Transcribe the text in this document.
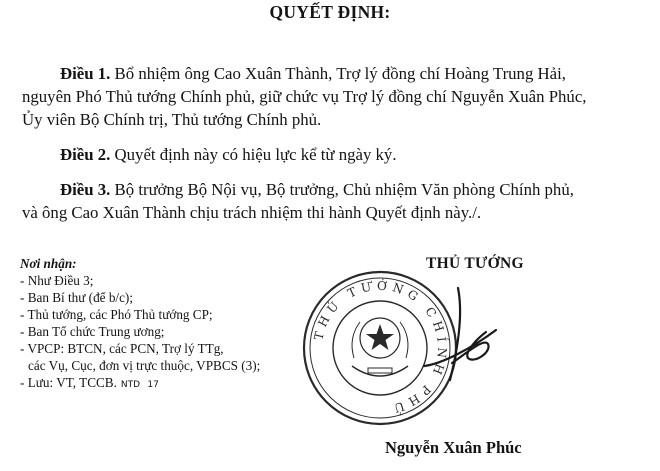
QUYẾT ĐỊNH:
Điều 1. Bổ nhiệm ông Cao Xuân Thành, Trợ lý đồng chí Hoàng Trung Hải,
nguyên Phó Thủ tướng Chính phủ, giữ chức vụ Trợ lý đồng chí Nguyễn Xuân Phúc,
Ủy viên Bộ Chính trị, Thủ tướng Chính phủ.
Điều 2. Quyết định này có hiệu lực kể từ ngày ký.
Điều 3. Bộ trưởng Bộ Nội vụ, Bộ trưởng, Chủ nhiệm Văn phòng Chính phủ,
và ông Cao Xuân Thành chịu trách nhiệm thi hành Quyết định này./.
Nơi nhận:
- Như Điều 3;
- Ban Bí thư (để b/c);
- Thủ tướng, các Phó Thủ tướng CP;
- Ban Tổ chức Trung ương;
- VPCP: BTCN, các PCN, Trợ lý TTg,
các Vụ, Cục, đơn vị trực thuộc, VPBCS (3);
- Lưu: VT, TCCB. NTD 17
THỦ TƯỚNG
THỦ TƯỚNG CHÍNH PHỦ
Nguyễn Xuân Phúc
